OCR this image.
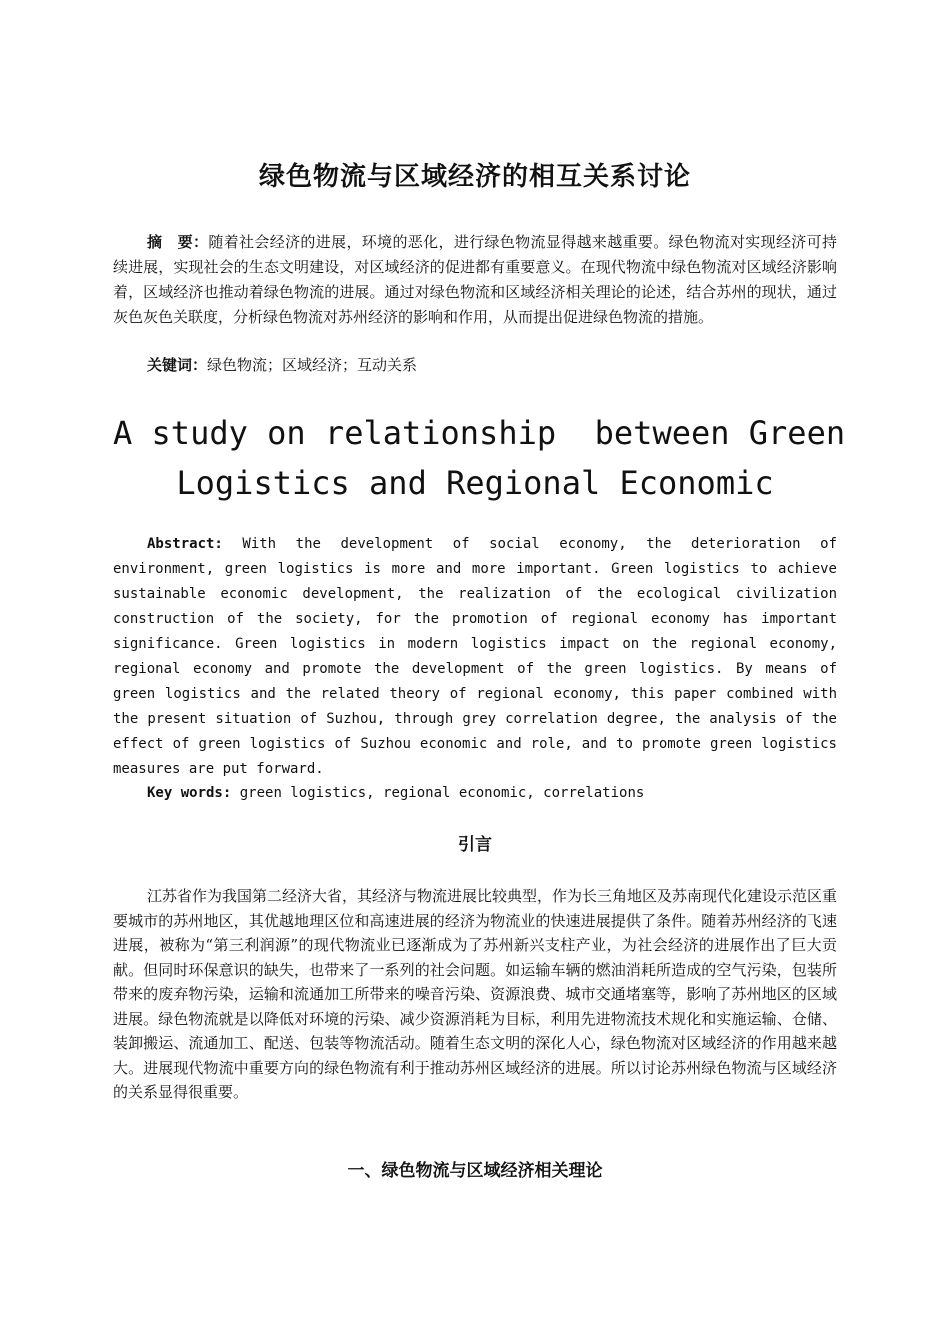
绿色物流与区域经济的相互关系讨论

摘　要：随着社会经济的进展，环境的恶化，进行绿色物流显得越来越重要。绿色物流对实现经济可持续进展，实现社会的生态文明建设，对区域经济的促进都有重要意义。在现代物流中绿色物流对区域经济影响着，区域经济也推动着绿色物流的进展。通过对绿色物流和区域经济相关理论的论述，结合苏州的现状，通过灰色灰色关联度，分析绿色物流对苏州经济的影响和作用，从而提出促进绿色物流的措施。

关键词：绿色物流；区域经济；互动关系

A study on relationship  between Green
Logistics and Regional Economic

Abstract: With the development of social economy, the deterioration of environment, green logistics is more and more important. Green logistics to achieve sustainable economic development, the realization of the ecological civilization construction of the society, for the promotion of regional economy has important significance. Green logistics in modern logistics impact on the regional economy, regional economy and promote the development of the green logistics. By means of green logistics and the related theory of regional economy, this paper combined with the present situation of Suzhou, through grey correlation degree, the analysis of the effect of green logistics of Suzhou economic and role, and to promote green logistics measures are put forward.

Key words: green logistics, regional economic, correlations

引言

江苏省作为我国第二经济大省，其经济与物流进展比较典型，作为长三角地区及苏南现代化建设示范区重要城市的苏州地区，其优越地理区位和高速进展的经济为物流业的快速进展提供了条件。随着苏州经济的飞速进展，被称为“第三利润源”的现代物流业已逐渐成为了苏州新兴支柱产业，为社会经济的进展作出了巨大贡献。但同时环保意识的缺失，也带来了一系列的社会问题。如运输车辆的燃油消耗所造成的空气污染，包装所带来的废弃物污染，运输和流通加工所带来的噪音污染、资源浪费、城市交通堵塞等，影响了苏州地区的区域进展。绿色物流就是以降低对环境的污染、减少资源消耗为目标，利用先进物流技术规化和实施运输、仓储、装卸搬运、流通加工、配送、包装等物流活动。随着生态文明的深化人心，绿色物流对区域经济的作用越来越大。进展现代物流中重要方向的绿色物流有利于推动苏州区域经济的进展。所以讨论苏州绿色物流与区域经济的关系显得很重要。

一、绿色物流与区域经济相关理论
